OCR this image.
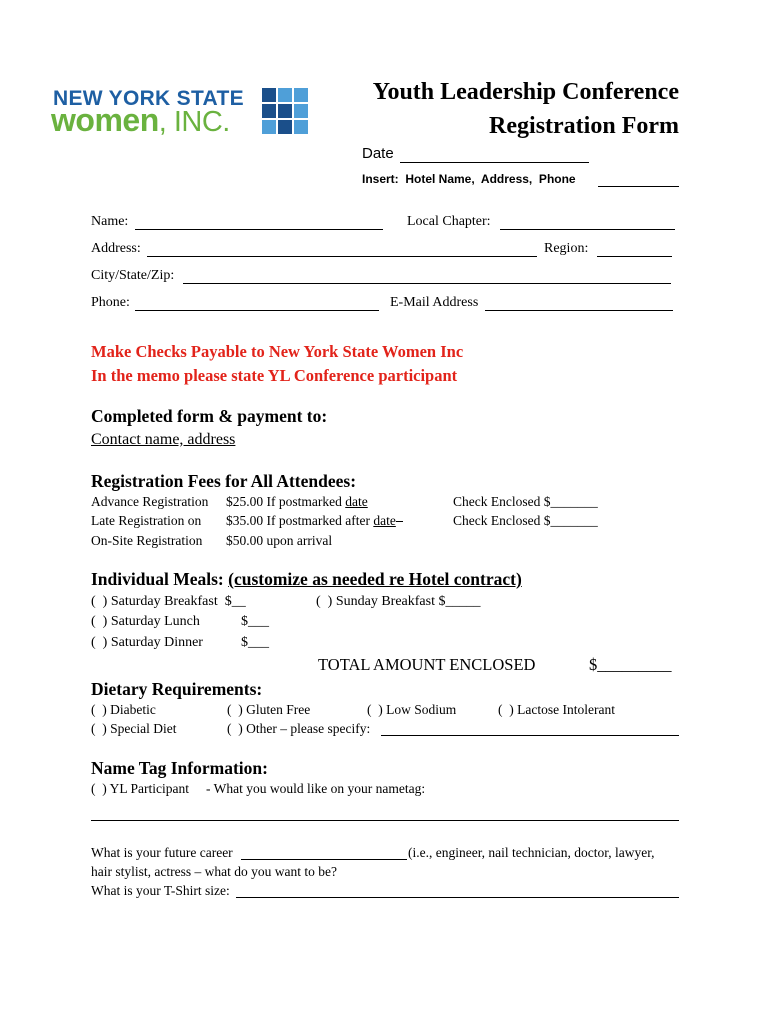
NEW YORK STATE
women, INC.
Youth Leadership Conference
Registration Form
Date
Insert:  Hotel Name,  Address,  Phone
Name:	Local Chapter:
Address:	Region:
City/State/Zip:
Phone:	E-Mail Address
Make Checks Payable to New York State Women Inc
In the memo please state YL Conference participant
Completed form & payment to:
Contact name, address
Registration Fees for All Attendees:
Advance Registration $25.00 If postmarked date	Check Enclosed $_______
Late Registration on $35.00 If postmarked after date	Check Enclosed $_______
On-Site Registration $50.00 upon arrival
Individual Meals: (customize as needed re Hotel contract)
(  ) Saturday Breakfast  $__	(  ) Sunday Breakfast $_____
(  ) Saturday Lunch	$___
(  ) Saturday Dinner	$___
TOTAL AMOUNT ENCLOSED	$_________
Dietary Requirements:
(  ) Diabetic	(  ) Gluten Free	(  ) Low Sodium	(  ) Lactose Intolerant
(  ) Special Diet	(  ) Other – please specify:
Name Tag Information:
(  ) YL Participant - What you would like on your nametag:
What is your future career	(i.e., engineer, nail technician, doctor, lawyer,
hair stylist, actress – what do you want to be?
What is your T-Shirt size:
